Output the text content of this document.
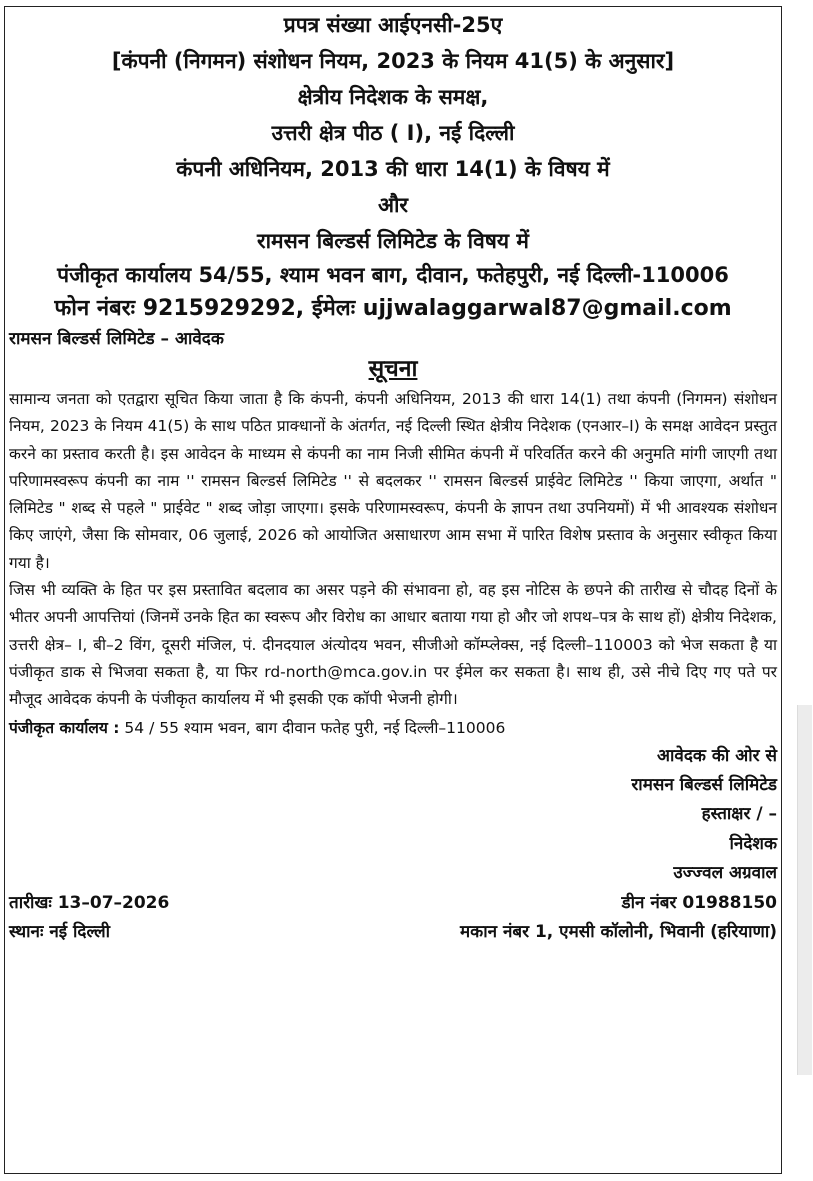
प्रपत्र संख्या आईएनसी-25ए
[कंपनी (निगमन) संशोधन नियम, 2023 के नियम 41(5) के अनुसार]
क्षेत्रीय निदेशक के समक्ष,
उत्तरी क्षेत्र पीठ ( I), नई दिल्ली
कंपनी अधिनियम, 2013 की धारा 14(1) के विषय में
और
रामसन बिल्डर्स लिमिटेड के विषय में
पंजीकृत कार्यालय 54/55, श्याम भवन बाग, दीवान, फतेहपुरी, नई दिल्ली-110006
फोन नंबरः 9215929292, ईमेलः ujjwalaggarwal87@gmail.com
रामसन बिल्डर्स लिमिटेड – आवेदक
सूचना

सामान्य जनता को एतद्वारा सूचित किया जाता है कि कंपनी, कंपनी अधिनियम, 2013 की धारा 14(1) तथा कंपनी (निगमन) संशोधन नियम, 2023 के नियम 41(5) के साथ पठित प्राक्धानों के अंतर्गत, नई दिल्ली स्थित क्षेत्रीय निदेशक (एनआर–I) के समक्ष आवेदन प्रस्तुत करने का प्रस्ताव करती है। इस आवेदन के माध्यम से कंपनी का नाम निजी सीमित कंपनी में परिवर्तित करने की अनुमति मांगी जाएगी तथा परिणामस्वरूप कंपनी का नाम '' रामसन बिल्डर्स लिमिटेड '' से बदलकर '' रामसन बिल्डर्स प्राईवेट लिमिटेड '' किया जाएगा, अर्थात " लिमिटेड " शब्द से पहले " प्राईवेट " शब्द जोड़ा जाएगा। इसके परिणामस्वरूप, कंपनी के ज्ञापन तथा उपनियमों) में भी आवश्यक संशोधन किए जाएंगे, जैसा कि सोमवार, 06 जुलाई, 2026 को आयोजित असाधारण आम सभा में पारित विशेष प्रस्ताव के अनुसार स्वीकृत किया गया है।

जिस भी व्यक्ति के हित पर इस प्रस्तावित बदलाव का असर पड़ने की संभावना हो, वह इस नोटिस के छपने की तारीख से चौदह दिनों के भीतर अपनी आपत्तियां (जिनमें उनके हित का स्वरूप और विरोध का आधार बताया गया हो और जो शपथ–पत्र के साथ हों) क्षेत्रीय निदेशक, उत्तरी क्षेत्र– I, बी–2 विंग, दूसरी मंजिल, पं. दीनदयाल अंत्योदय भवन, सीजीओ कॉम्प्लेक्स, नई दिल्ली–110003 को भेज सकता है या पंजीकृत डाक से भिजवा सकता है, या फिर rd-north@mca.gov.in पर ईमेल कर सकता है। साथ ही, उसे नीचे दिए गए पते पर मौजूद आवेदक कंपनी के पंजीकृत कार्यालय में भी इसकी एक कॉपी भेजनी होगी।

पंजीकृत कार्यालय : 54 / 55 श्याम भवन, बाग दीवान फतेह पुरी, नई दिल्ली–110006

आवेदक की ओर से
रामसन बिल्डर्स लिमिटेड
हस्ताक्षर / –
निदेशक
उज्ज्वल अग्रवाल
तारीखः 13–07–2026	डीन नंबर 01988150
स्थानः नई दिल्ली	मकान नंबर 1, एमसी कॉलोनी, भिवानी (हरियाणा)
